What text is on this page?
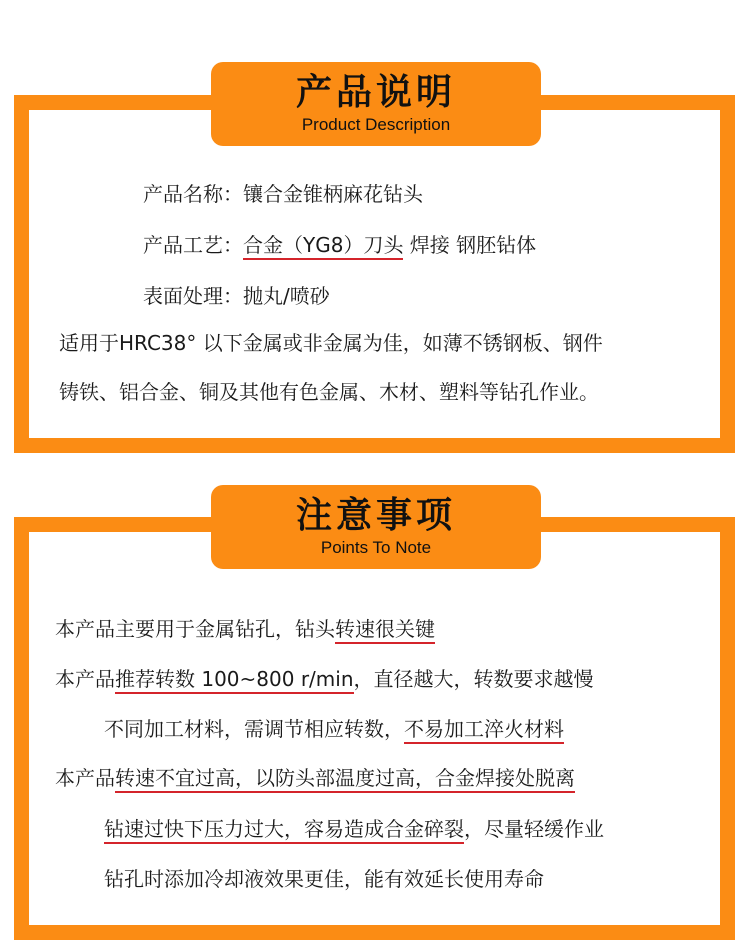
产品说明
Product Description
产品名称：镶合金锥柄麻花钻头
产品工艺：合金（YG8）刀头 焊接 钢胚钻体
表面处理：抛丸/喷砂
适用于HRC38° 以下金属或非金属为佳，如薄不锈钢板、钢件
铸铁、铝合金、铜及其他有色金属、木材、塑料等钻孔作业。
注意事项
Points To Note
本产品主要用于金属钻孔，钻头转速很关键
本产品推荐转数 100~800 r/min，直径越大，转数要求越慢
不同加工材料，需调节相应转数，不易加工淬火材料
本产品转速不宜过高，以防头部温度过高，合金焊接处脱离
钻速过快下压力过大，容易造成合金碎裂，尽量轻缓作业
钻孔时添加冷却液效果更佳，能有效延长使用寿命
